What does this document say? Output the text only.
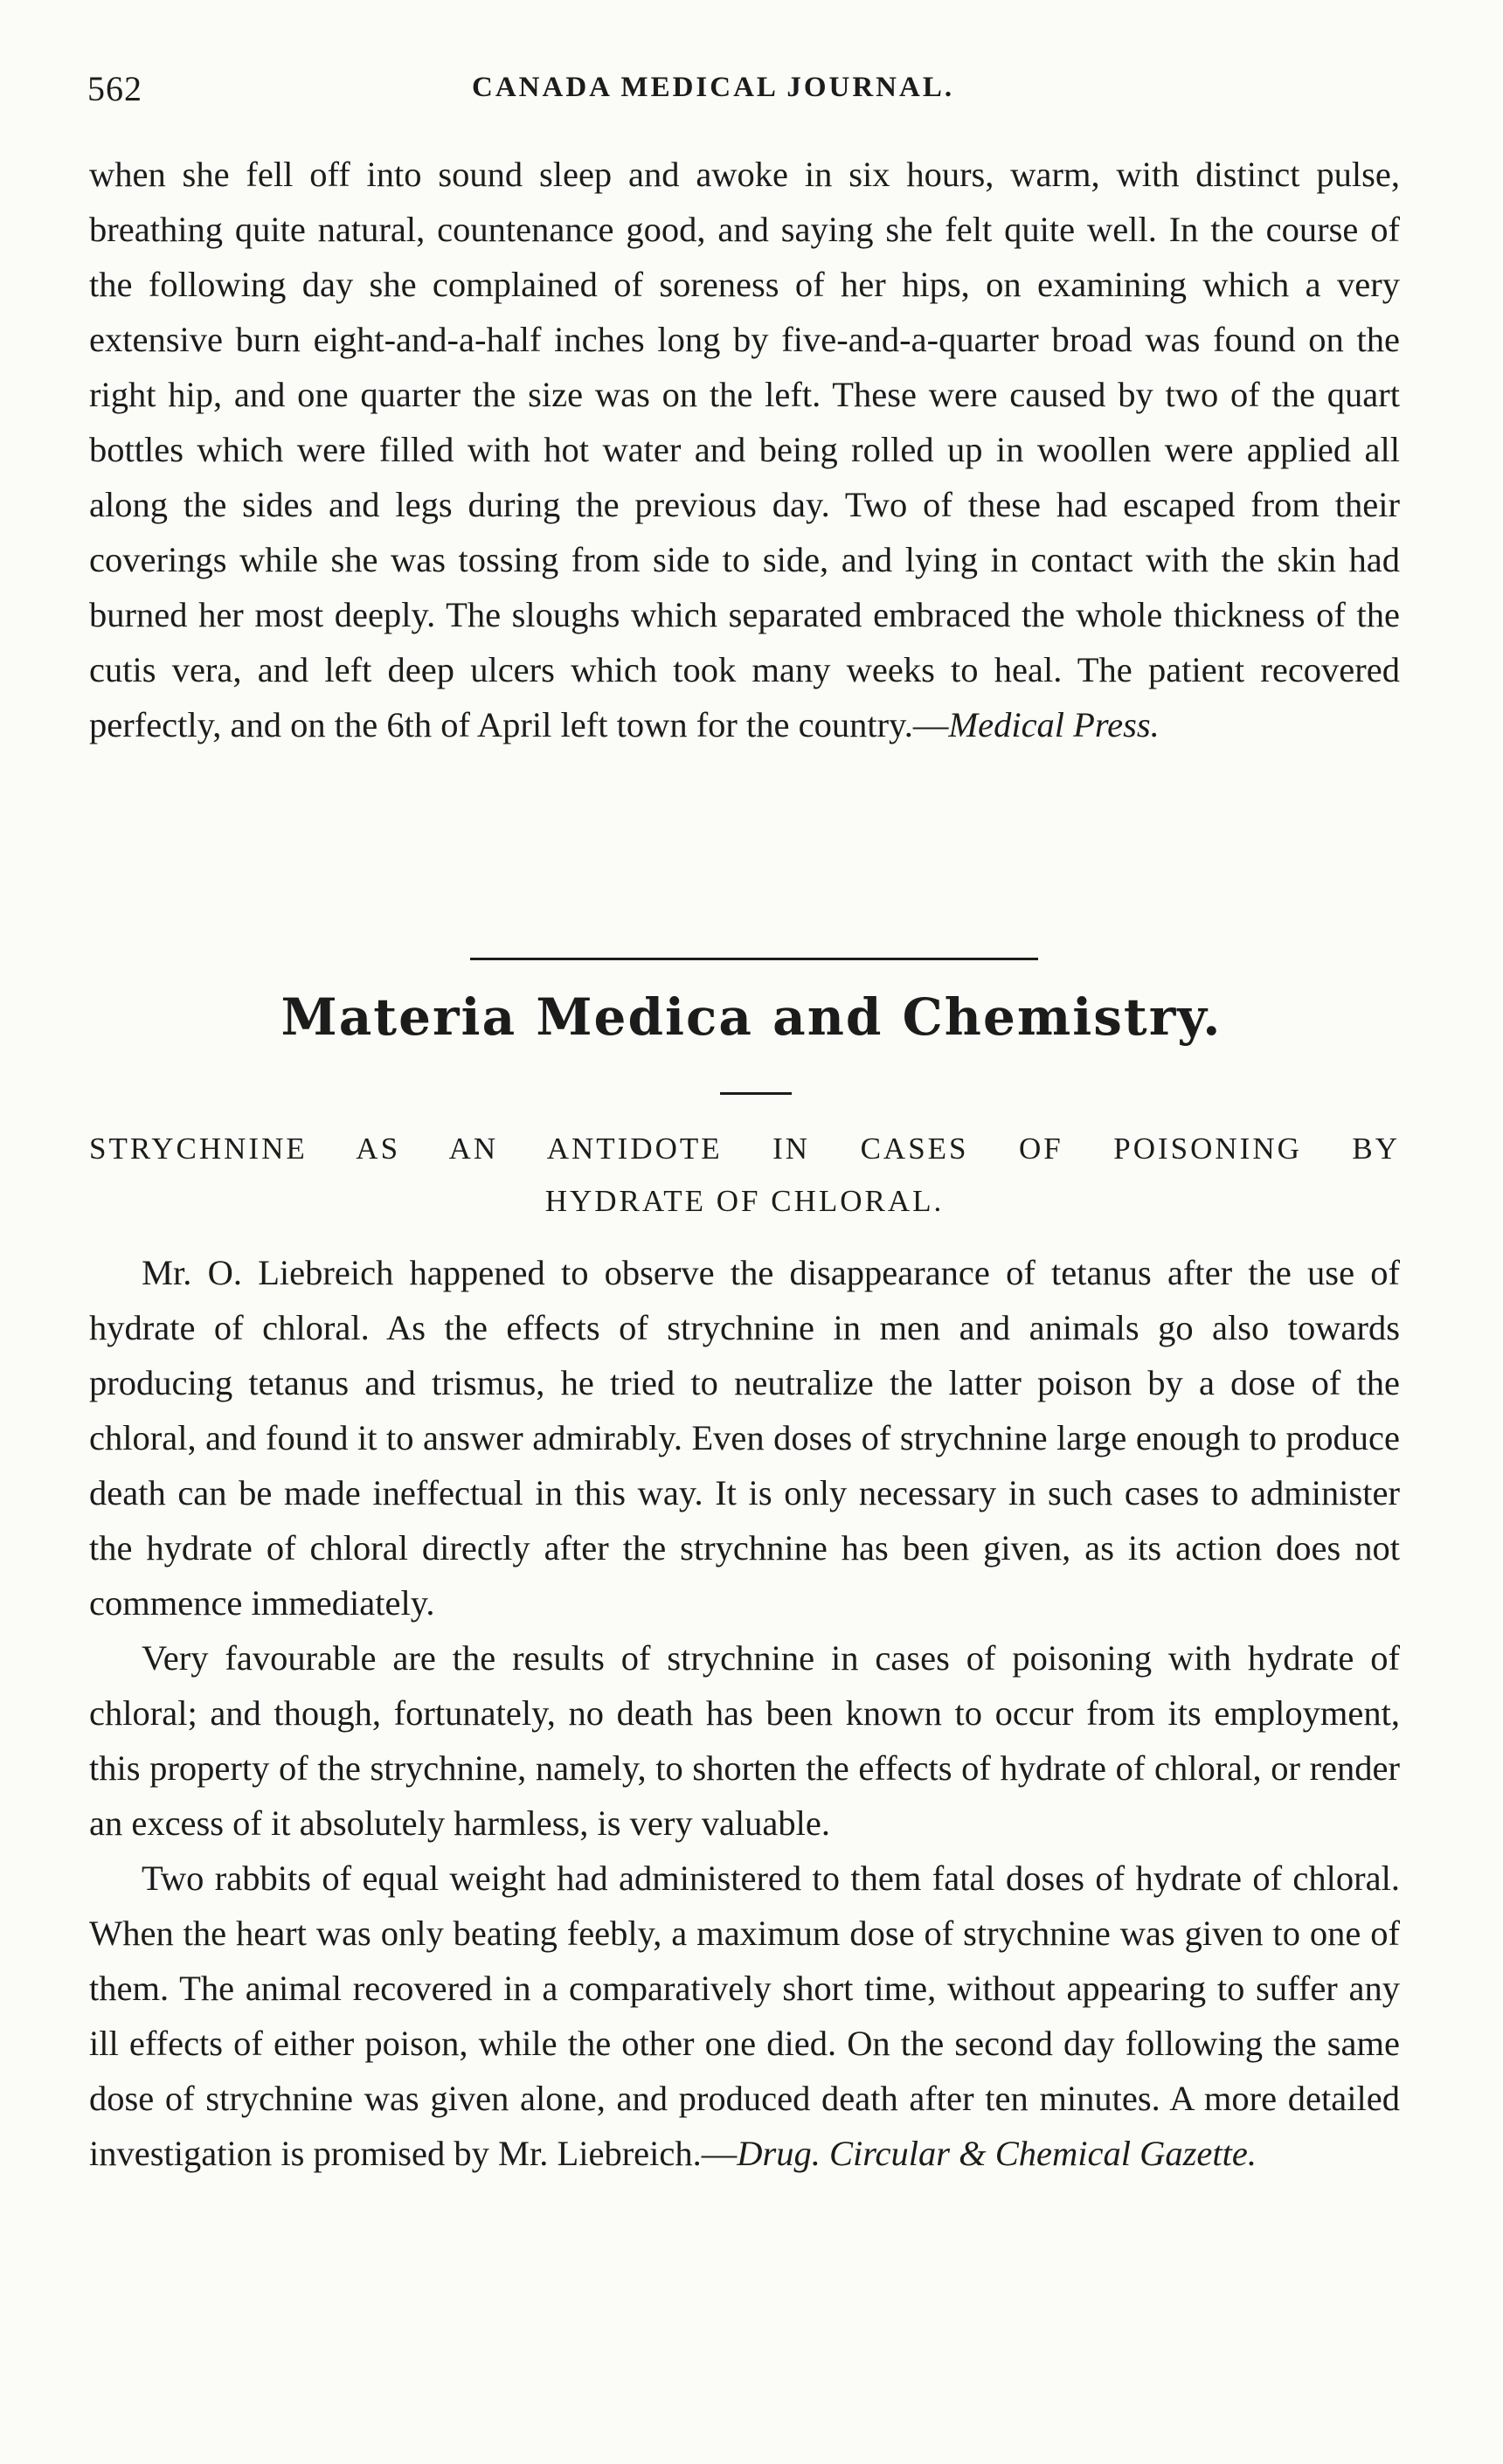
562	CANADA MEDICAL JOURNAL.

when she fell off into sound sleep and awoke in six hours, warm, with distinct pulse, breathing quite natural, countenance good, and saying she felt quite well. In the course of the following day she complained of soreness of her hips, on examining which a very extensive burn eight-and-a-half inches long by five-and-a-quarter broad was found on the right hip, and one quarter the size was on the left. These were caused by two of the quart bottles which were filled with hot water and being rolled up in woollen were applied all along the sides and legs during the previous day. Two of these had escaped from their coverings while she was tossing from side to side, and lying in contact with the skin had burned her most deeply. The sloughs which separated embraced the whole thickness of the cutis vera, and left deep ulcers which took many weeks to heal. The patient recovered perfectly, and on the 6th of April left town for the country.—Medical Press.

Materia Medica and Chemistry.
STRYCHNINE AS AN ANTIDOTE IN CASES OF POISONING BY
HYDRATE OF CHLORAL.

Mr. O. Liebreich happened to observe the disappearance of tetanus after the use of hydrate of chloral. As the effects of strychnine in men and animals go also towards producing tetanus and trismus, he tried to neutralize the latter poison by a dose of the chloral, and found it to answer admirably. Even doses of strychnine large enough to produce death can be made ineffectual in this way. It is only necessary in such cases to administer the hydrate of chloral directly after the strychnine has been given, as its action does not commence immediately.

Very favourable are the results of strychnine in cases of poisoning with hydrate of chloral; and though, fortunately, no death has been known to occur from its employment, this property of the strychnine, namely, to shorten the effects of hydrate of chloral, or render an excess of it absolutely harmless, is very valuable.

Two rabbits of equal weight had administered to them fatal doses of hydrate of chloral. When the heart was only beating feebly, a maximum dose of strychnine was given to one of them. The animal recovered in a comparatively short time, without appearing to suffer any ill effects of either poison, while the other one died. On the second day following the same dose of strychnine was given alone, and produced death after ten minutes. A more detailed investigation is promised by Mr. Liebreich.—Drug. Circular & Chemical Gazette.
